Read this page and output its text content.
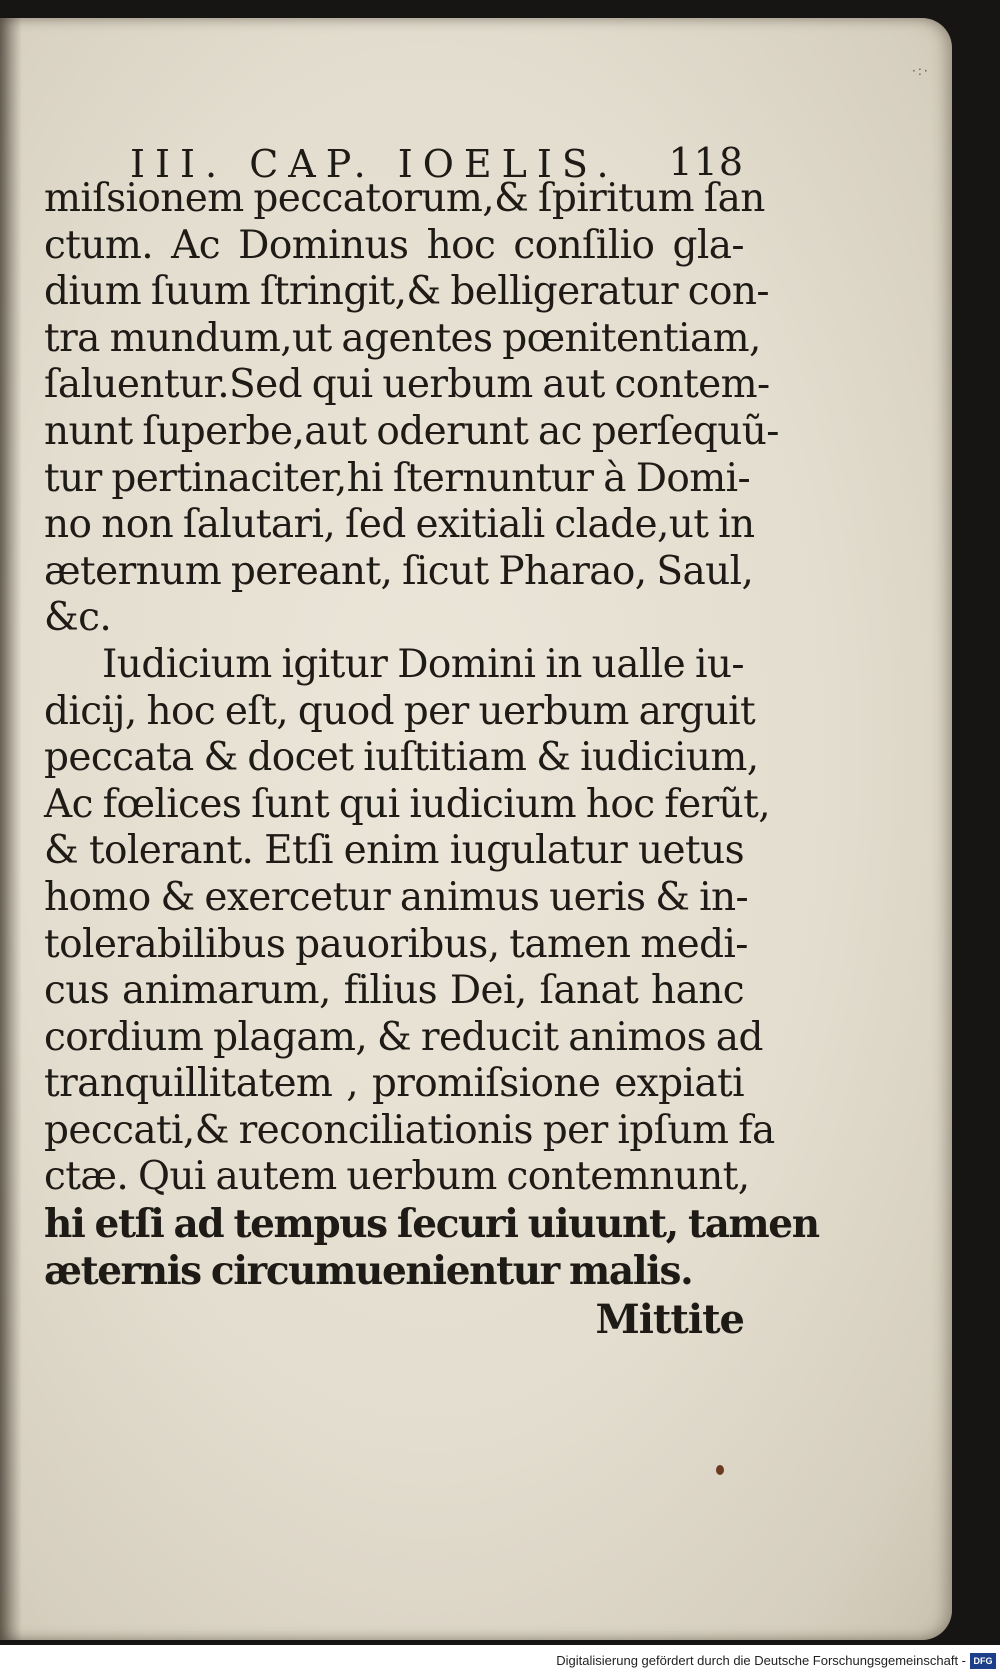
·:·
III. CAP. IOELIS. 118
miſsionem peccatorum,& ſpiritum ſan
ctum. Ac Dominus hoc conſilio gla-
dium ſuum ſtringit,& belligeratur con-
tra mundum,ut agentes pœnitentiam,
ſaluentur.Sed qui uerbum aut contem-
nunt ſuperbe,aut oderunt ac perſequũ-
tur pertinaciter,hi ſternuntur à Domi-
no non ſalutari, ſed exitiali clade,ut in
æternum pereant, ſicut Pharao, Saul,
&c.
Iudicium igitur Domini in ualle iu-
dicij, hoc eſt, quod per uerbum arguit
peccata & docet iuſtitiam & iudicium,
Ac fœlices ſunt qui iudicium hoc ferũt,
& tolerant. Etſi enim iugulatur uetus
homo & exercetur animus ueris & in-
tolerabilibus pauoribus, tamen medi-
cus animarum, filius Dei, ſanat hanc
cordium plagam, & reducit animos ad
tranquillitatem , promiſsione expiati
peccati,& reconciliationis per ipſum fa
ctæ. Qui autem uerbum contemnunt,
hi etſi ad tempus ſecuri uiuunt, tamen
æternis circumuenientur malis.
Mittite
Digitalisierung gefördert durch die Deutsche Forschungsgemeinschaft - DFG
